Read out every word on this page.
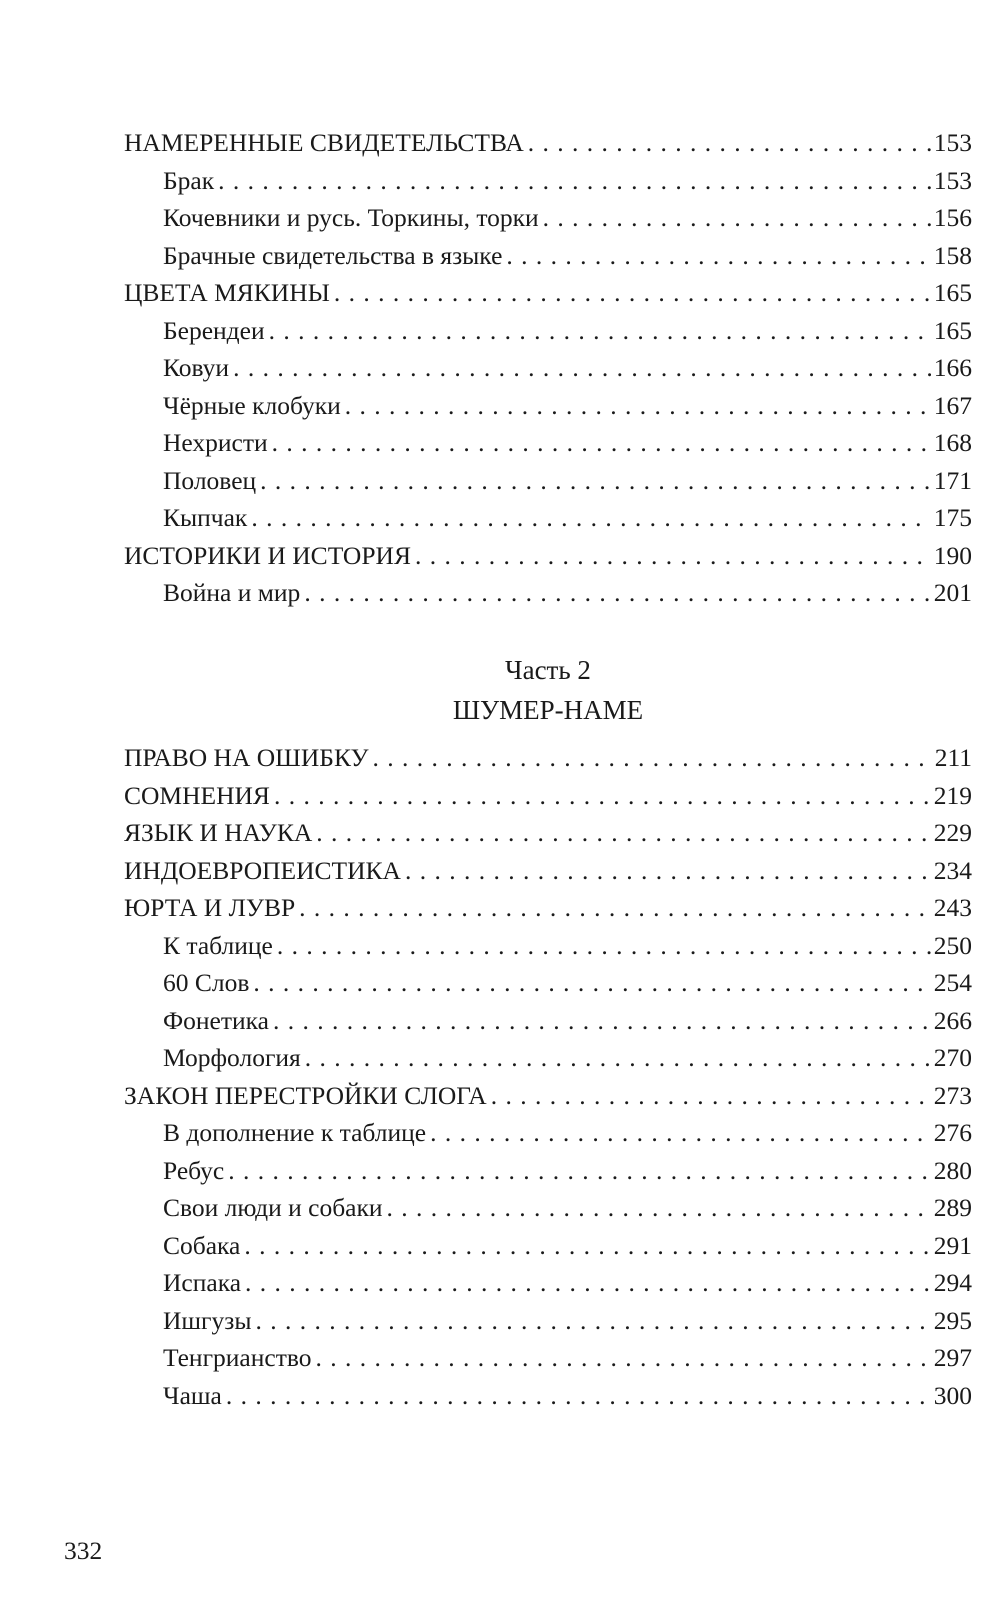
НАМЕРЕННЫЕ СВИДЕТЕЛЬСТВА . . .	153
Брак . . .	153
Кочевники и русь. Торкины, торки . . .	156
Брачные свидетельства в языке . . .	158
ЦВЕТА МЯКИНЫ . . .	165
Берендеи . . .	165
Ковуи . . .	166
Чёрные клобуки . . .	167
Нехристи . . .	168
Половец . . .	171
Кыпчак . . .	175
ИСТОРИКИ И ИСТОРИЯ . . .	190
Война и мир . . .	201
Часть 2
ШУМЕР-НАМЕ
ПРАВО НА ОШИБКУ . . .	211
СОМНЕНИЯ . . .	219
ЯЗЫК И НАУКА . . .	229
ИНДОЕВРОПЕИСТИКА . . .	234
ЮРТА И ЛУВР . . .	243
К таблице . . .	250
60 Слов . . .	254
Фонетика . . .	266
Морфология . . .	270
ЗАКОН ПЕРЕСТРОЙКИ СЛОГА . . .	273
В дополнение к таблице . . .	276
Ребус . . .	280
Свои люди и собаки . . .	289
Собака . . .	291
Испака . . .	294
Ишгузы . . .	295
Тенгрианство . . .	297
Чаша . . .	300
332
